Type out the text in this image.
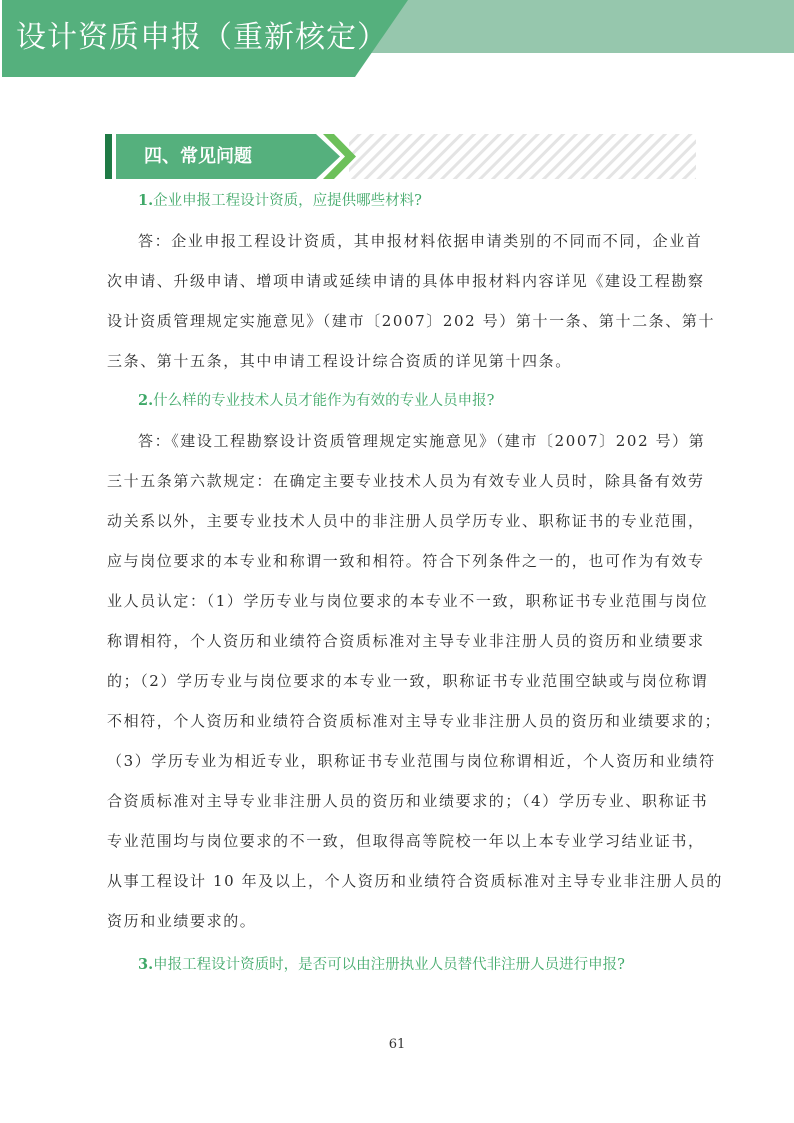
设计资质申报（重新核定）
四、常见问题
1.企业申报工程设计资质，应提供哪些材料?
答：企业申报工程设计资质，其申报材料依据申请类别的不同而不同，企业首
次申请、升级申请、增项申请或延续申请的具体申报材料内容详见《建设工程勘察
设计资质管理规定实施意见》（建市〔2007〕202 号）第十一条、第十二条、第十
三条、第十五条，其中申请工程设计综合资质的详见第十四条。
2.什么样的专业技术人员才能作为有效的专业人员申报?
答：《建设工程勘察设计资质管理规定实施意见》（建市〔2007〕202 号）第
三十五条第六款规定：在确定主要专业技术人员为有效专业人员时，除具备有效劳
动关系以外，主要专业技术人员中的非注册人员学历专业、职称证书的专业范围，
应与岗位要求的本专业和称谓一致和相符。符合下列条件之一的，也可作为有效专
业人员认定：（1）学历专业与岗位要求的本专业不一致，职称证书专业范围与岗位
称谓相符，个人资历和业绩符合资质标准对主导专业非注册人员的资历和业绩要求
的；（2）学历专业与岗位要求的本专业一致，职称证书专业范围空缺或与岗位称谓
不相符，个人资历和业绩符合资质标准对主导专业非注册人员的资历和业绩要求的；
（3）学历专业为相近专业，职称证书专业范围与岗位称谓相近，个人资历和业绩符
合资质标准对主导专业非注册人员的资历和业绩要求的；（4）学历专业、职称证书
专业范围均与岗位要求的不一致，但取得高等院校一年以上本专业学习结业证书，
从事工程设计 10 年及以上，个人资历和业绩符合资质标准对主导专业非注册人员的
资历和业绩要求的。
3.申报工程设计资质时，是否可以由注册执业人员替代非注册人员进行申报?
61
